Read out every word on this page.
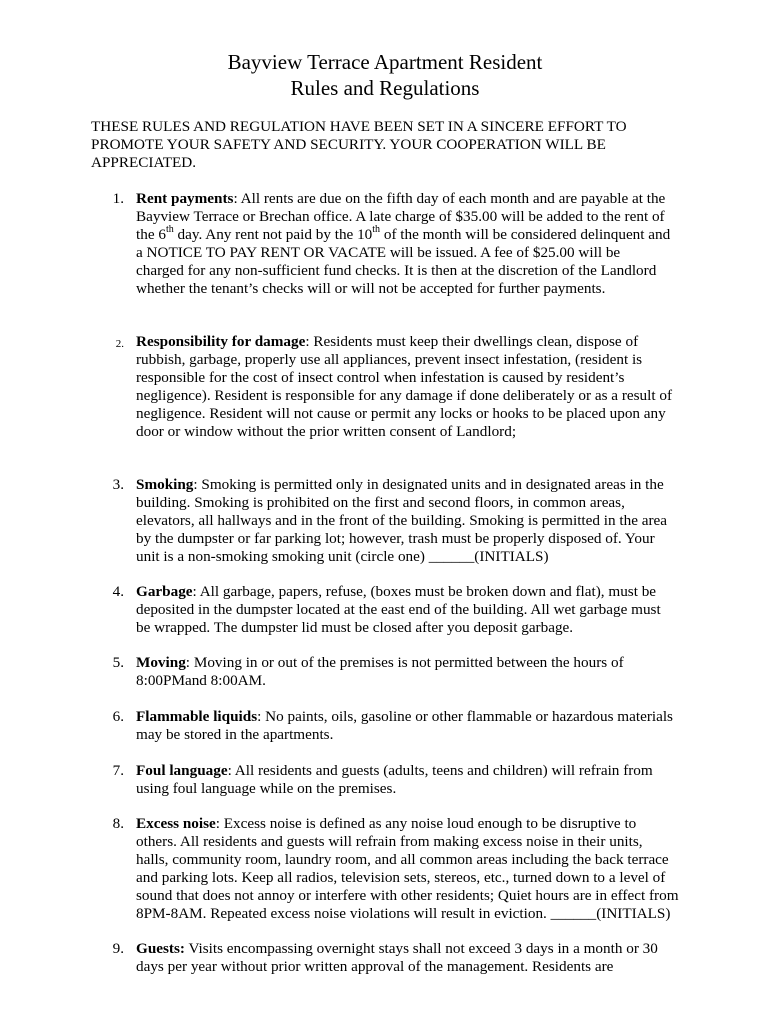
Bayview Terrace Apartment Resident
Rules and Regulations
THESE RULES AND REGULATION HAVE BEEN SET IN A SINCERE EFFORT TO
PROMOTE YOUR SAFETY AND SECURITY. YOUR COOPERATION WILL BE
APPRECIATED.
1. Rent payments: All rents are due on the fifth day of each month and are payable at the
Bayview Terrace or Brechan office. A late charge of $35.00 will be added to the rent of
the 6th day. Any rent not paid by the 10th of the month will be considered delinquent and
a NOTICE TO PAY RENT OR VACATE will be issued. A fee of $25.00 will be
charged for any non-sufficient fund checks. It is then at the discretion of the Landlord
whether the tenant’s checks will or will not be accepted for further payments.
2. Responsibility for damage: Residents must keep their dwellings clean, dispose of
rubbish, garbage, properly use all appliances, prevent insect infestation, (resident is
responsible for the cost of insect control when infestation is caused by resident’s
negligence). Resident is responsible for any damage if done deliberately or as a result of
negligence. Resident will not cause or permit any locks or hooks to be placed upon any
door or window without the prior written consent of Landlord;
3. Smoking: Smoking is permitted only in designated units and in designated areas in the
building. Smoking is prohibited on the first and second floors, in common areas,
elevators, all hallways and in the front of the building. Smoking is permitted in the area
by the dumpster or far parking lot; however, trash must be properly disposed of. Your
unit is a non-smoking smoking unit (circle one) ______(INITIALS)
4. Garbage: All garbage, papers, refuse, (boxes must be broken down and flat), must be
deposited in the dumpster located at the east end of the building. All wet garbage must
be wrapped. The dumpster lid must be closed after you deposit garbage.
5. Moving: Moving in or out of the premises is not permitted between the hours of
8:00PMand 8:00AM.
6. Flammable liquids: No paints, oils, gasoline or other flammable or hazardous materials
may be stored in the apartments.
7. Foul language: All residents and guests (adults, teens and children) will refrain from
using foul language while on the premises.
8. Excess noise: Excess noise is defined as any noise loud enough to be disruptive to
others. All residents and guests will refrain from making excess noise in their units,
halls, community room, laundry room, and all common areas including the back terrace
and parking lots. Keep all radios, television sets, stereos, etc., turned down to a level of
sound that does not annoy or interfere with other residents; Quiet hours are in effect from
8PM-8AM. Repeated excess noise violations will result in eviction. ______(INITIALS)
9. Guests: Visits encompassing overnight stays shall not exceed 3 days in a month or 30
days per year without prior written approval of the management. Residents are
